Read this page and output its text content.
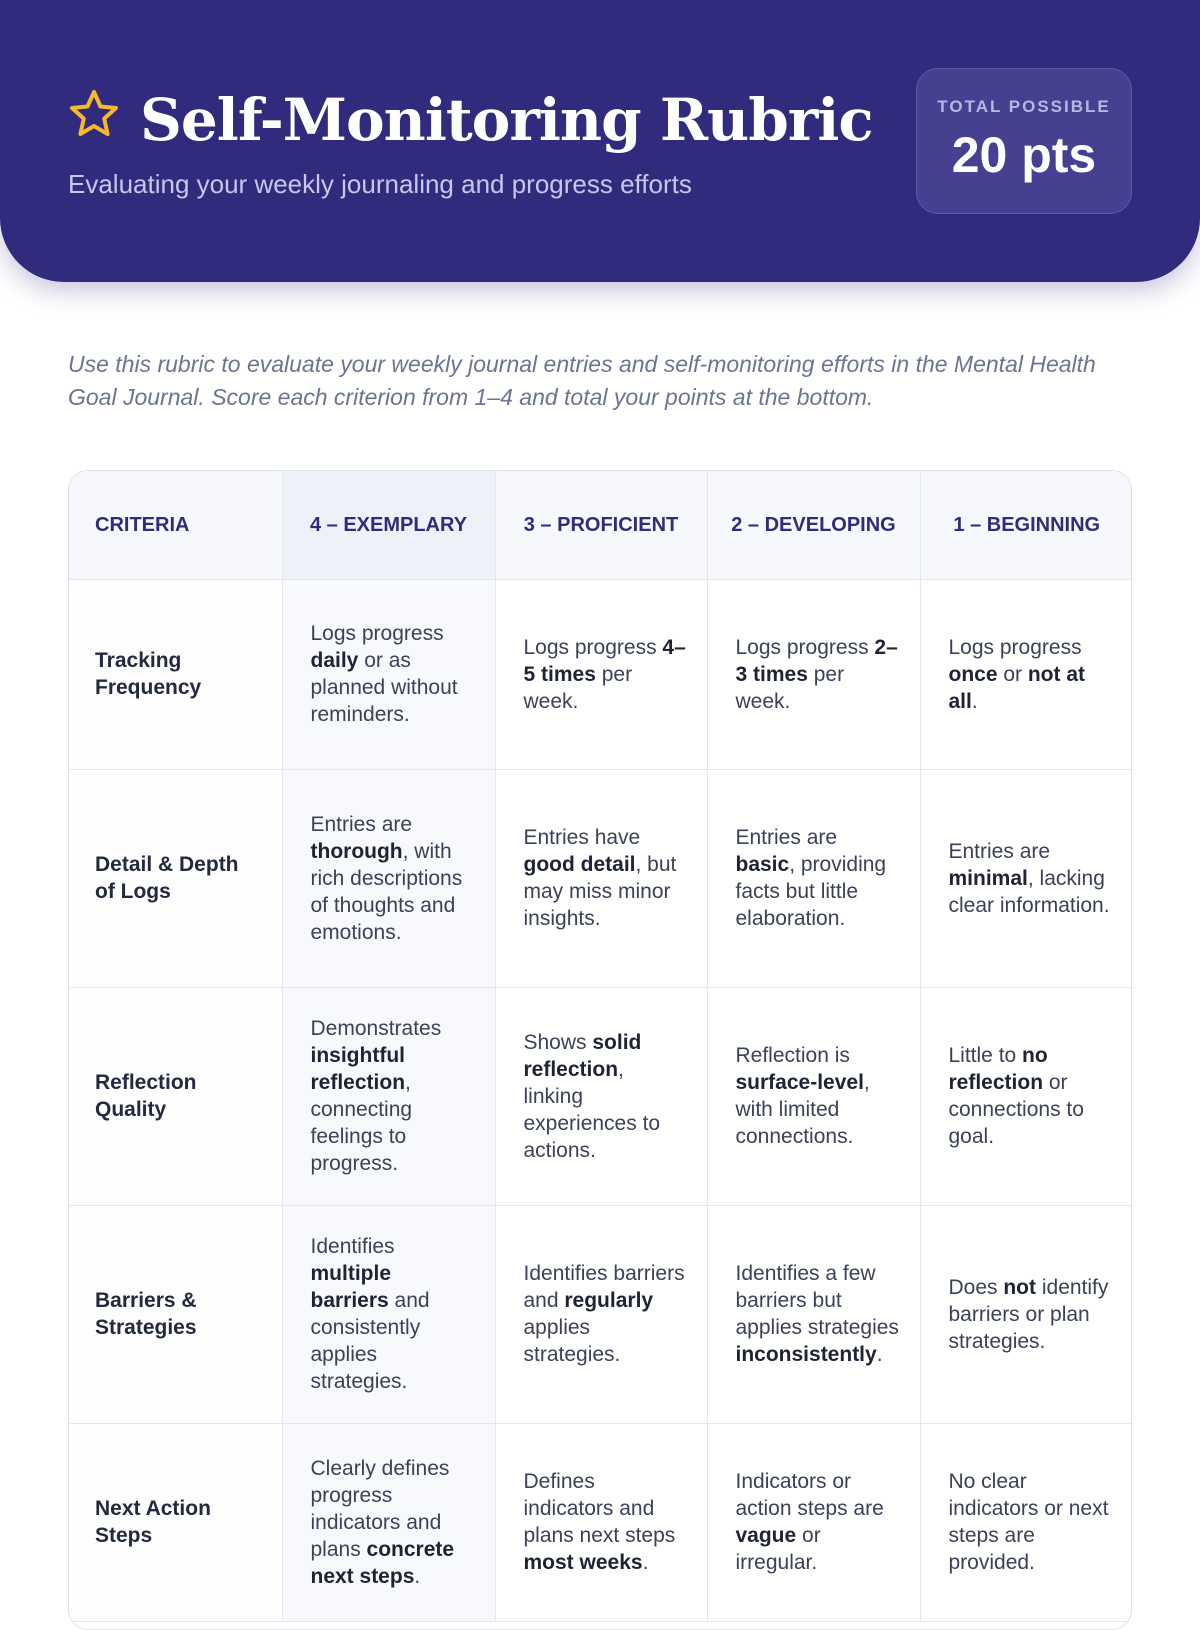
Self-Monitoring Rubric
Evaluating your weekly journaling and progress efforts
TOTAL POSSIBLE
20 pts

Use this rubric to evaluate your weekly journal entries and self-monitoring efforts in the Mental Health Goal Journal. Score each criterion from 1–4 and total your points at the bottom.

CRITERIA	4 – EXEMPLARY	3 – PROFICIENT	2 – DEVELOPING	1 – BEGINNING
Tracking Frequency	Logs progress daily or as planned without reminders.	Logs progress 4–5 times per week.	Logs progress 2–3 times per week.	Logs progress once or not at all.
Detail & Depth of Logs	Entries are thorough, with rich descriptions of thoughts and emotions.	Entries have good detail, but may miss minor insights.	Entries are basic, providing facts but little elaboration.	Entries are minimal, lacking clear information.
Reflection Quality	Demonstrates insightful reflection, connecting feelings to progress.	Shows solid reflection, linking experiences to actions.	Reflection is surface-level, with limited connections.	Little to no reflection or connections to goal.
Barriers & Strategies	Identifies multiple barriers and consistently applies strategies.	Identifies barriers and regularly applies strategies.	Identifies a few barriers but applies strategies inconsistently.	Does not identify barriers or plan strategies.
Next Action Steps	Clearly defines progress indicators and plans concrete next steps.	Defines indicators and plans next steps most weeks.	Indicators or action steps are vague or irregular.	No clear indicators or next steps are provided.
